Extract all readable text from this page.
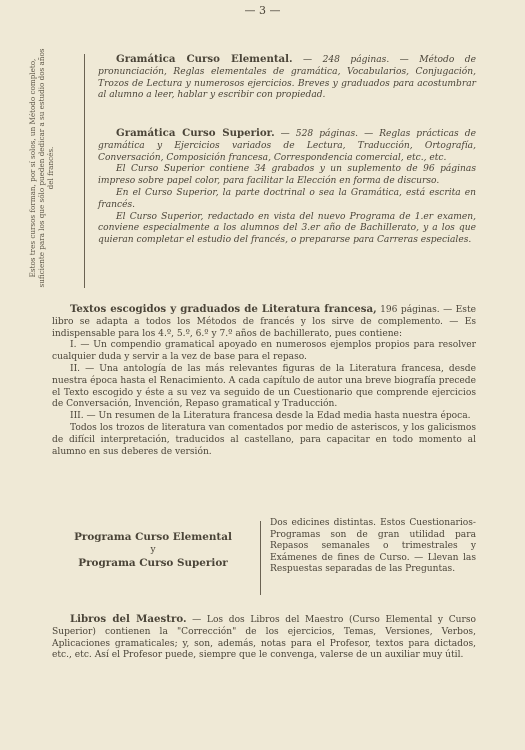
— 3 —
Estos tres cursos forman, por sí solos, un Método completo, suficiente para los que sólo pueden dedicar a su estudio dos años del francés.

Gramática Curso Elemental. — 248 páginas. — Método de pronunciación, Reglas elementales de gramática, Vocabularios, Conjugación, Trozos de Lectura y numerosos ejercicios. Breves y graduados para acostumbrar al alumno a leer, hablar y escribir con propiedad.

Gramática Curso Superior. — 528 páginas. — Reglas prácticas de gramática y Ejercicios variados de Lectura, Traducción, Ortografía, Conversación, Composición francesa, Correspondencia comercial, etc., etc.

El Curso Superior contiene 34 grabados y un suplemento de 96 páginas impreso sobre papel color, para facilitar la Elección en forma de discurso.

En el Curso Superior, la parte doctrinal o sea la Gramática, está escrita en francés.

El Curso Superior, redactado en vista del nuevo Programa de 1.er examen, conviene especialmente a los alumnos del 3.er año de Bachillerato, y a los que quieran completar el estudio del francés, o prepararse para Carreras especiales.

Textos escogidos y graduados de Literatura francesa, 196 páginas. — Este libro se adapta a todos los Métodos de francés y los sirve de complemento. — Es indispensable para los 4.º, 5.º, 6.º y 7.º años de bachillerato, pues contiene:

I. — Un compendio gramatical apoyado en numerosos ejemplos propios para resolver cualquier duda y servir a la vez de base para el repaso.

II. — Una antología de las más relevantes figuras de la Literatura francesa, desde nuestra época hasta el Renacimiento. A cada capítulo de autor una breve biografía precede el Texto escogido y éste a su vez va seguido de un Cuestionario que comprende ejercicios de Conversación, Invención, Repaso gramatical y Traducción.

III. — Un resumen de la Literatura francesa desde la Edad media hasta nuestra época.

Todos los trozos de literatura van comentados por medio de asteriscos, y los galicismos de difícil interpretación, traducidos al castellano, para capacitar en todo momento al alumno en sus deberes de versión.

Programa Curso Elemental
y
Programa Curso Superior
Dos edicines distintas. Estos Cuestionarios-Programas son de gran utilidad para Repasos semanales o trimestrales y Exámenes de fines de Curso. — Llevan las Respuestas separadas de las Preguntas.

Libros del Maestro. — Los dos Libros del Maestro (Curso Elemental y Curso Superior) contienen la "Corrección" de los ejercicios, Temas, Versiones, Verbos, Aplicaciones gramaticales; y, son, además, notas para el Profesor, textos para dictados, etc., etc. Así el Profesor puede, siempre que le convenga, valerse de un auxiliar muy útil.
